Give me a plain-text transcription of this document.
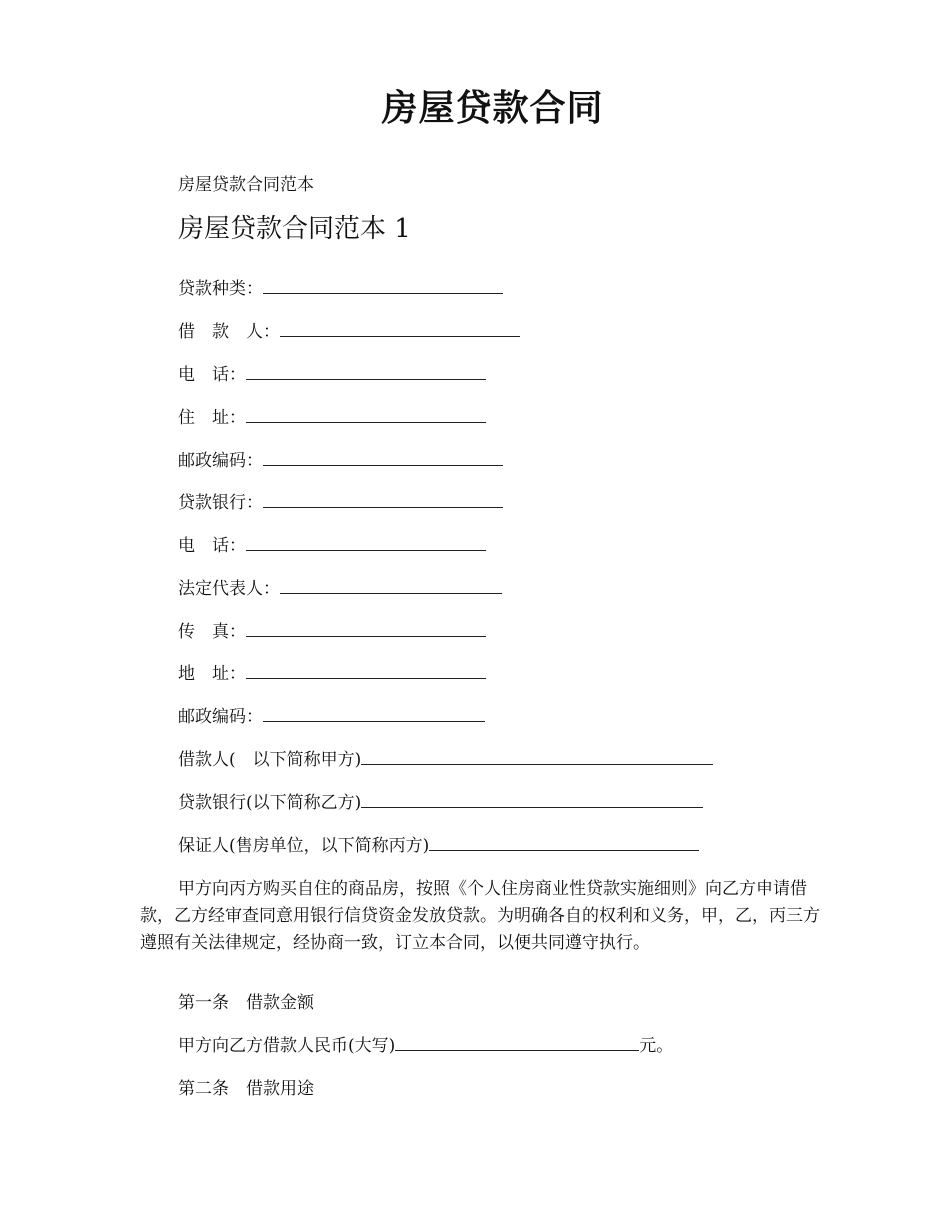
房屋贷款合同

房屋贷款合同范本

房屋贷款合同范本 1

贷款种类：

借　款　人：

电　话：

住　址：

邮政编码：

贷款银行：

电　话：

法定代表人：

传　真：

地　址：

邮政编码：

借款人(　以下简称甲方)

贷款银行(以下简称乙方)

保证人(售房单位，以下简称丙方)

甲方向丙方购买自住的商品房，按照《个人住房商业性贷款实施细则》向乙方申请借款，乙方经审查同意用银行信贷资金发放贷款。为明确各自的权利和义务，甲，乙，丙三方遵照有关法律规定，经协商一致，订立本合同，以便共同遵守执行。

第一条　借款金额

甲方向乙方借款人民币(大写)	元。

第二条　借款用途
